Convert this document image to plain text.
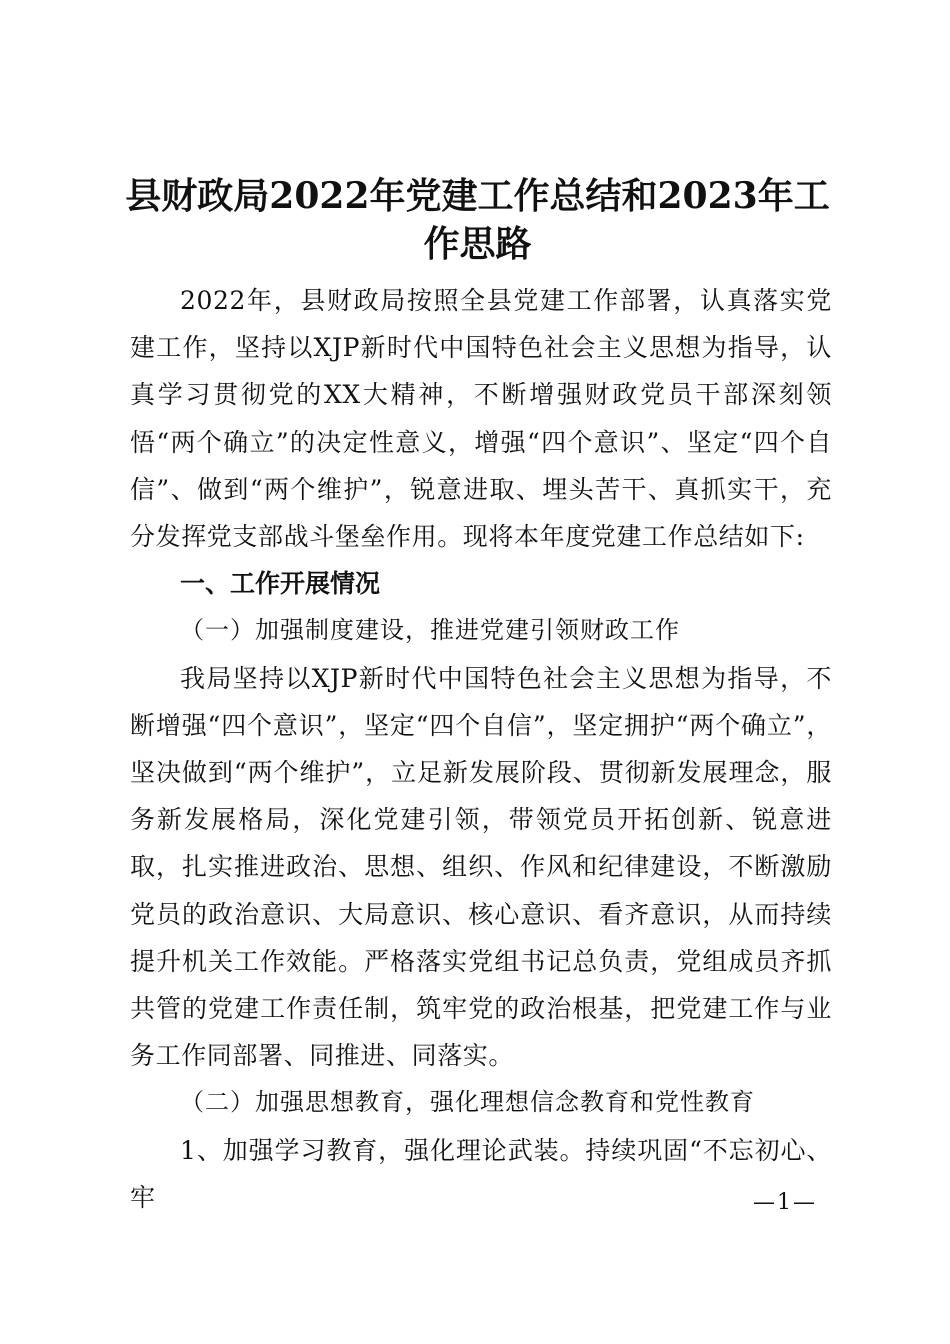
县财政局2022年党建工作总结和2023年工作思路

2022年，县财政局按照全县党建工作部署，认真落实党建工作，坚持以XJP新时代中国特色社会主义思想为指导，认真学习贯彻党的XX大精神，不断增强财政党员干部深刻领悟“两个确立”的决定性意义，增强“四个意识”、坚定“四个自信”、做到“两个维护”，锐意进取、埋头苦干、真抓实干，充分发挥党支部战斗堡垒作用。现将本年度党建工作总结如下:

一、工作开展情况

（一）加强制度建设，推进党建引领财政工作

我局坚持以XJP新时代中国特色社会主义思想为指导，不断增强“四个意识”，坚定“四个自信”，坚定拥护“两个确立”，坚决做到“两个维护”，立足新发展阶段、贯彻新发展理念，服务新发展格局，深化党建引领，带领党员开拓创新、锐意进取，扎实推进政治、思想、组织、作风和纪律建设，不断激励党员的政治意识、大局意识、核心意识、看齐意识，从而持续提升机关工作效能。严格落实党组书记总负责，党组成员齐抓共管的党建工作责任制，筑牢党的政治根基，把党建工作与业务工作同部署、同推进、同落实。

（二）加强思想教育，强化理想信念教育和党性教育

1、加强学习教育，强化理论武装。持续巩固“不忘初心、牢	—1—
